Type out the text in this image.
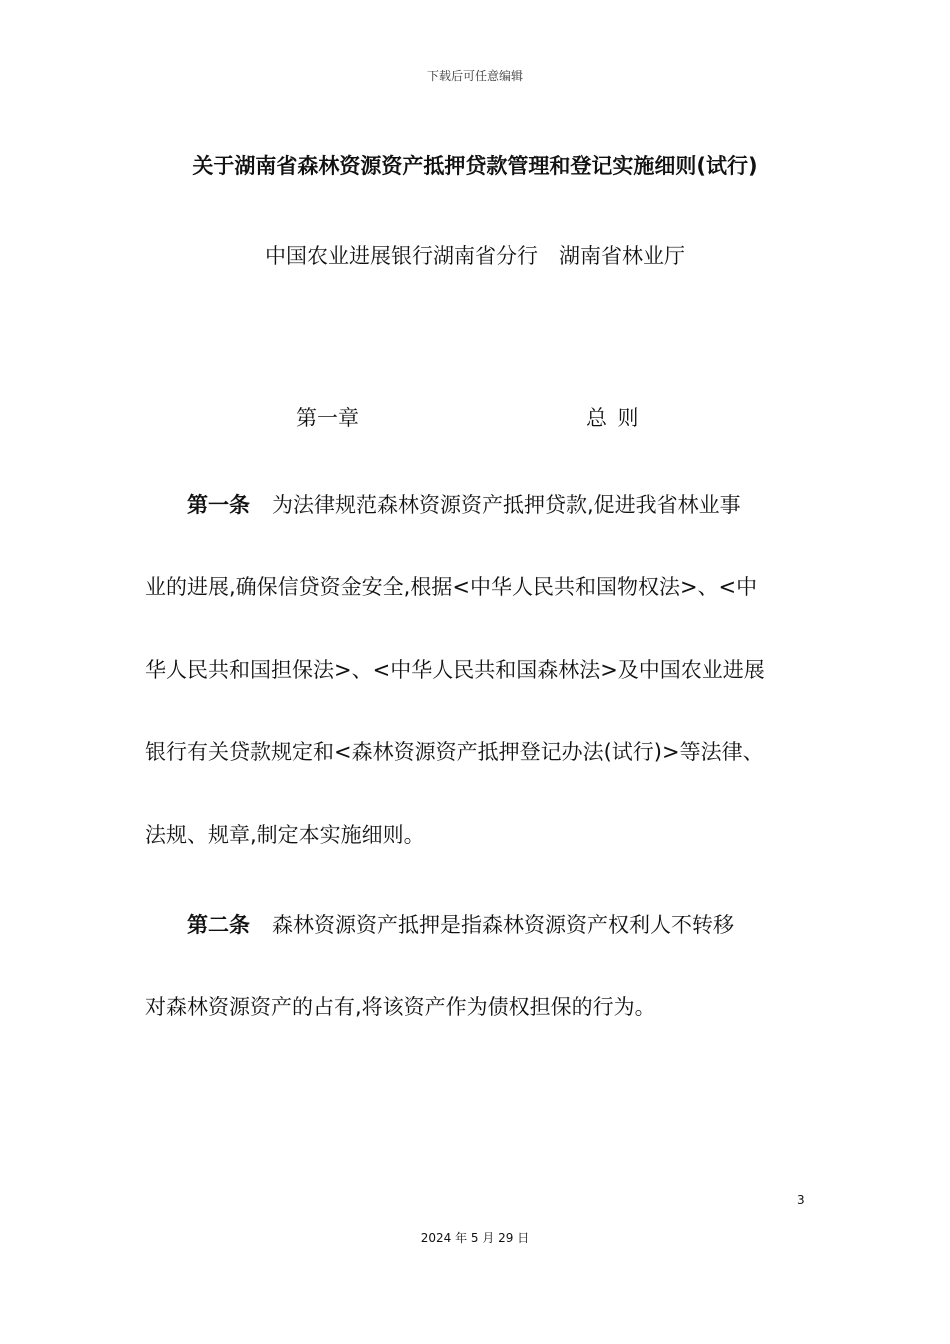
下载后可任意编辑
关于湖南省森林资源资产抵押贷款管理和登记实施细则(试行)
中国农业进展银行湖南省分行　湖南省林业厅
第一章	总则
第一条 为法律规范森林资源资产抵押贷款,促进我省林业事
业的进展,确保信贷资金安全,根据<中华人民共和国物权法>、<中
华人民共和国担保法>、<中华人民共和国森林法>及中国农业进展
银行有关贷款规定和<森林资源资产抵押登记办法(试行)>等法律、
法规、规章,制定本实施细则。
第二条 森林资源资产抵押是指森林资源资产权利人不转移
对森林资源资产的占有,将该资产作为债权担保的行为。
3
2024 年 5 月 29 日
